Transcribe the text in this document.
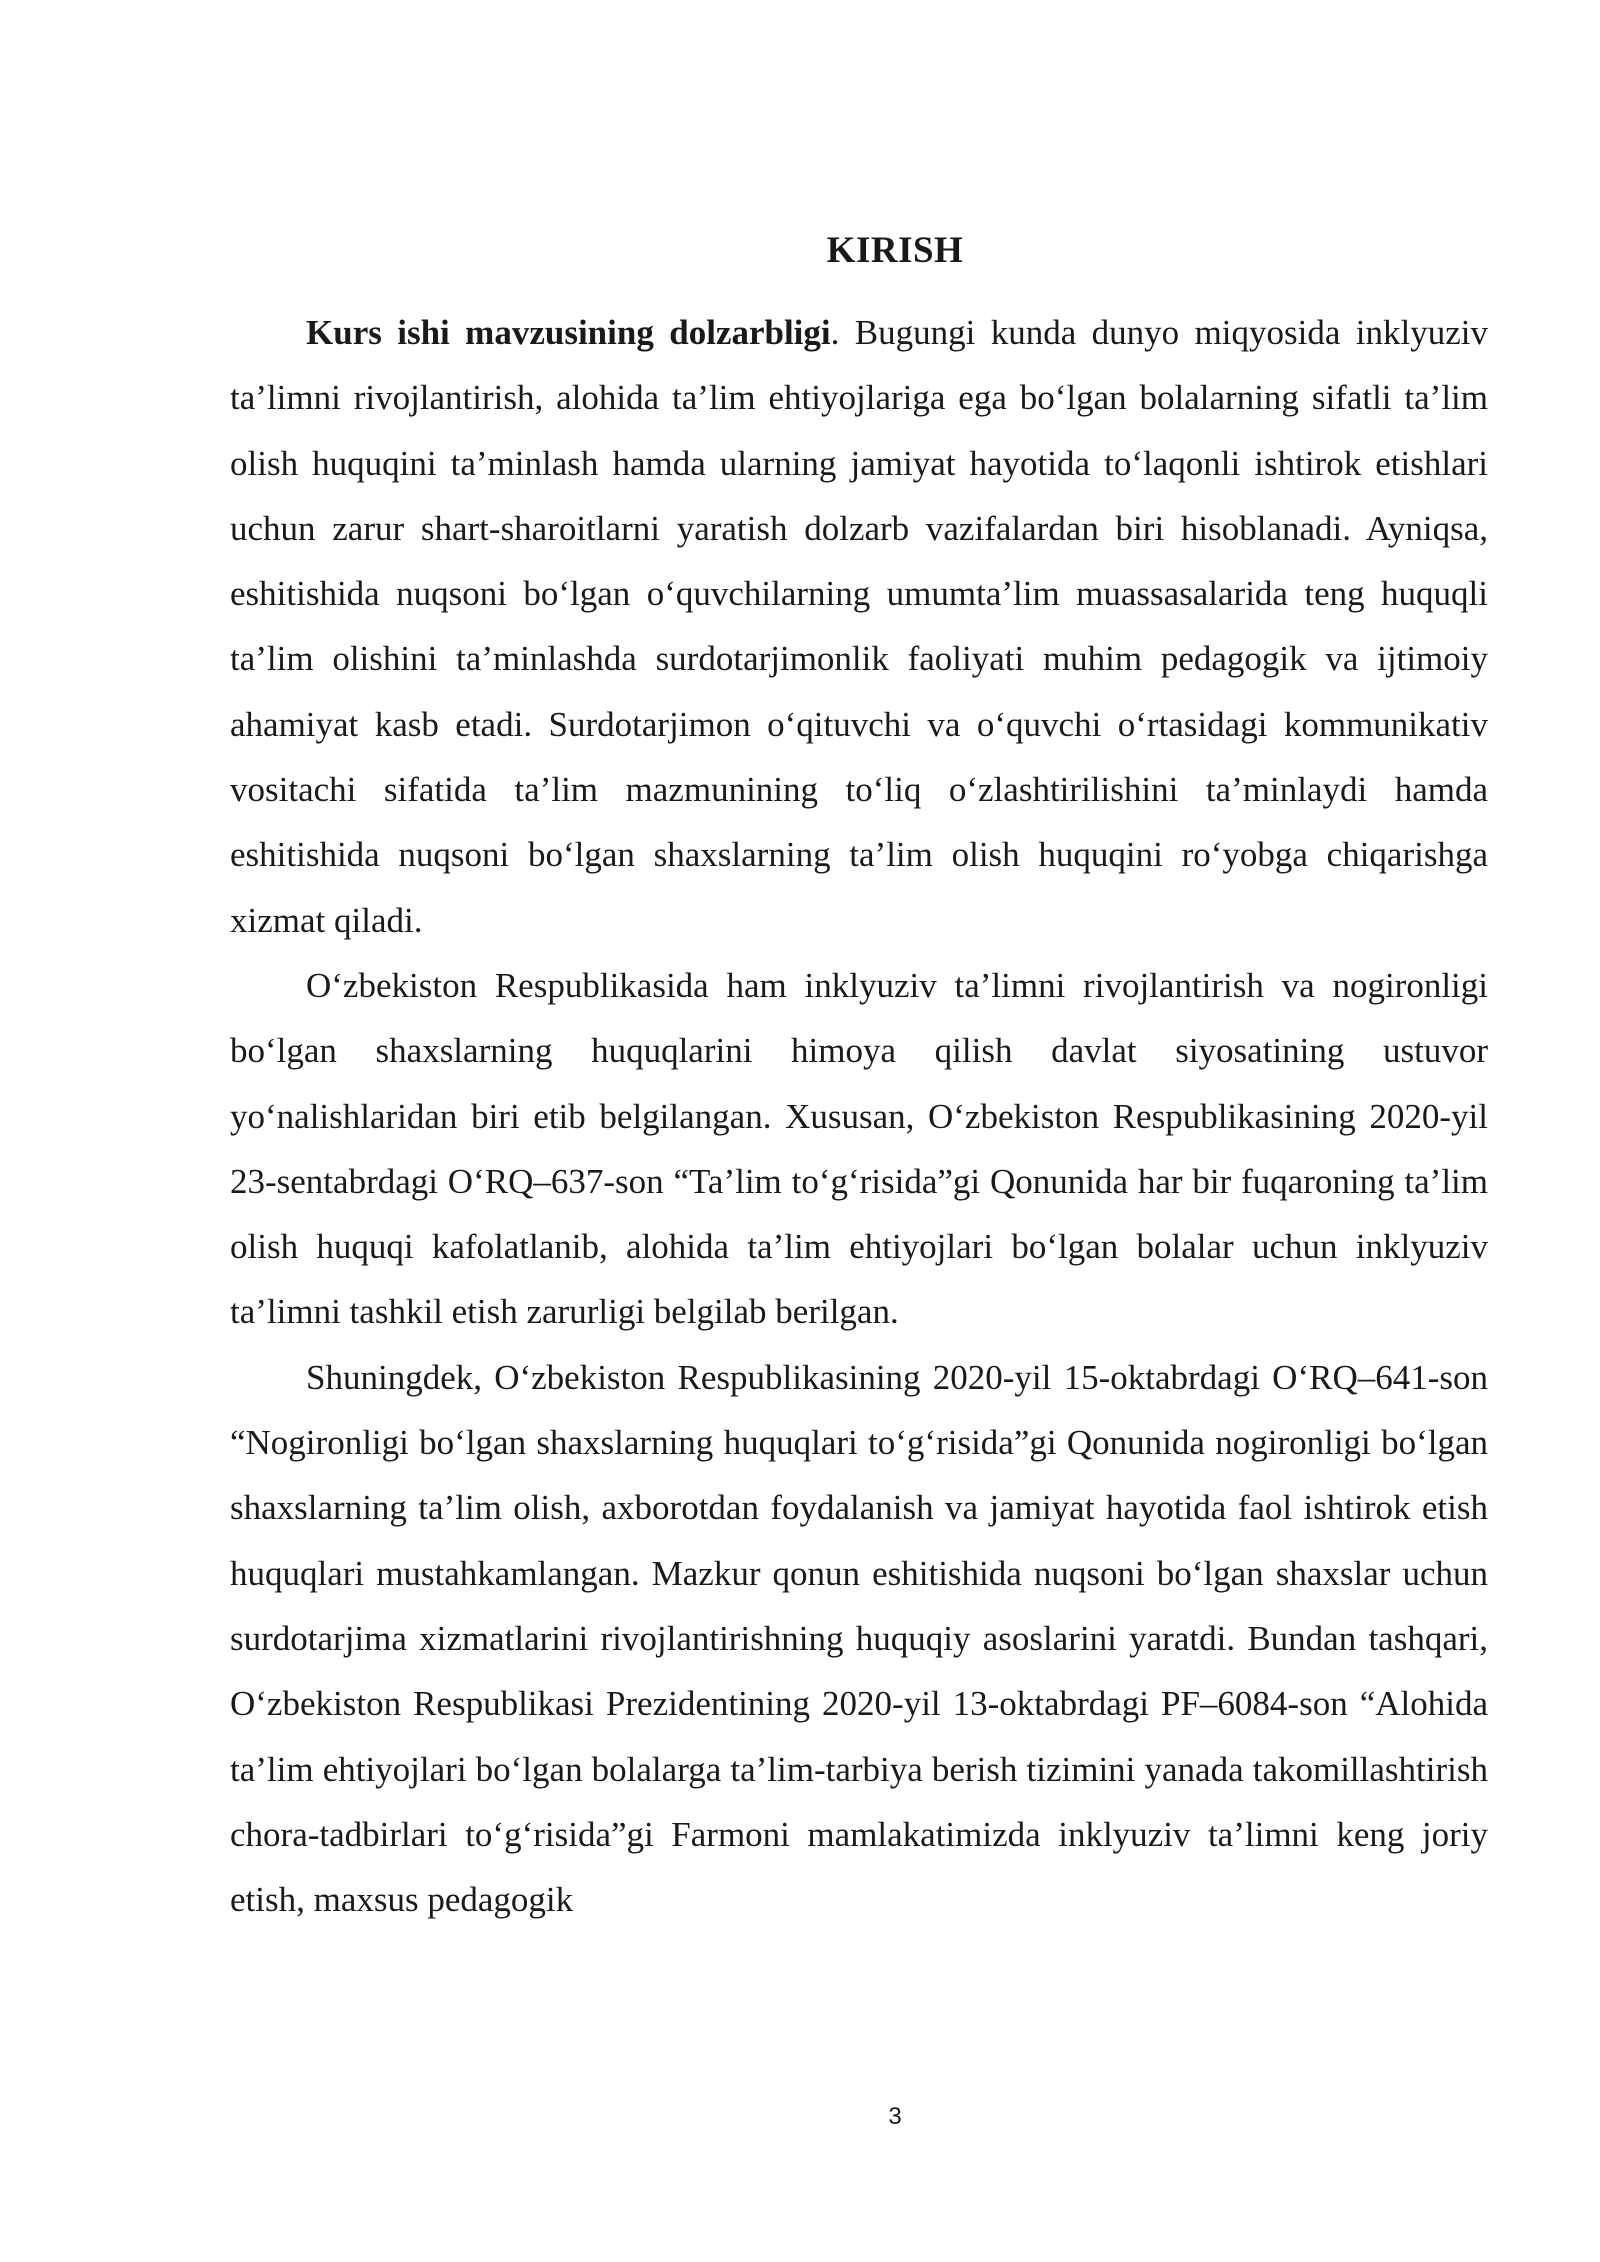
KIRISH

Kurs ishi mavzusining dolzarbligi. Bugungi kunda dunyo miqyosida inklyuziv ta’limni rivojlantirish, alohida ta’lim ehtiyojlariga ega bo‘lgan bolalarning sifatli ta’lim olish huquqini ta’minlash hamda ularning jamiyat hayotida to‘laqonli ishtirok etishlari uchun zarur shart-sharoitlarni yaratish dolzarb vazifalardan biri hisoblanadi. Ayniqsa, eshitishida nuqsoni bo‘lgan o‘quvchilarning umumta’lim muassasalarida teng huquqli ta’lim olishini ta’minlashda surdotarjimonlik faoliyati muhim pedagogik va ijtimoiy ahamiyat kasb etadi. Surdotarjimon o‘qituvchi va o‘quvchi o‘rtasidagi kommunikativ vositachi sifatida ta’lim mazmunining to‘liq o‘zlashtirilishini ta’minlaydi hamda eshitishida nuqsoni bo‘lgan shaxslarning ta’lim olish huquqini ro‘yobga chiqarishga xizmat qiladi.

O‘zbekiston Respublikasida ham inklyuziv ta’limni rivojlantirish va nogironligi bo‘lgan shaxslarning huquqlarini himoya qilish davlat siyosatining ustuvor yo‘nalishlaridan biri etib belgilangan. Xususan, O‘zbekiston Respublikasining 2020-yil 23-sentabrdagi O‘RQ–637-son “Ta’lim to‘g‘risida”gi Qonunida har bir fuqaroning ta’lim olish huquqi kafolatlanib, alohida ta’lim ehtiyojlari bo‘lgan bolalar uchun inklyuziv ta’limni tashkil etish zarurligi belgilab berilgan.

Shuningdek, O‘zbekiston Respublikasining 2020-yil 15-oktabrdagi O‘RQ–641-son “Nogironligi bo‘lgan shaxslarning huquqlari to‘g‘risida”gi Qonunida nogironligi bo‘lgan shaxslarning ta’lim olish, axborotdan foydalanish va jamiyat hayotida faol ishtirok etish huquqlari mustahkamlangan. Mazkur qonun eshitishida nuqsoni bo‘lgan shaxslar uchun surdotarjima xizmatlarini rivojlantirishning huquqiy asoslarini yaratdi. Bundan tashqari, O‘zbekiston Respublikasi Prezidentining 2020-yil 13-oktabrdagi PF–6084-son “Alohida ta’lim ehtiyojlari bo‘lgan bolalarga ta’lim-tarbiya berish tizimini yanada takomillashtirish chora-tadbirlari to‘g‘risida”gi Farmoni mamlakatimizda inklyuziv ta’limni keng joriy etish, maxsus pedagogik

3
